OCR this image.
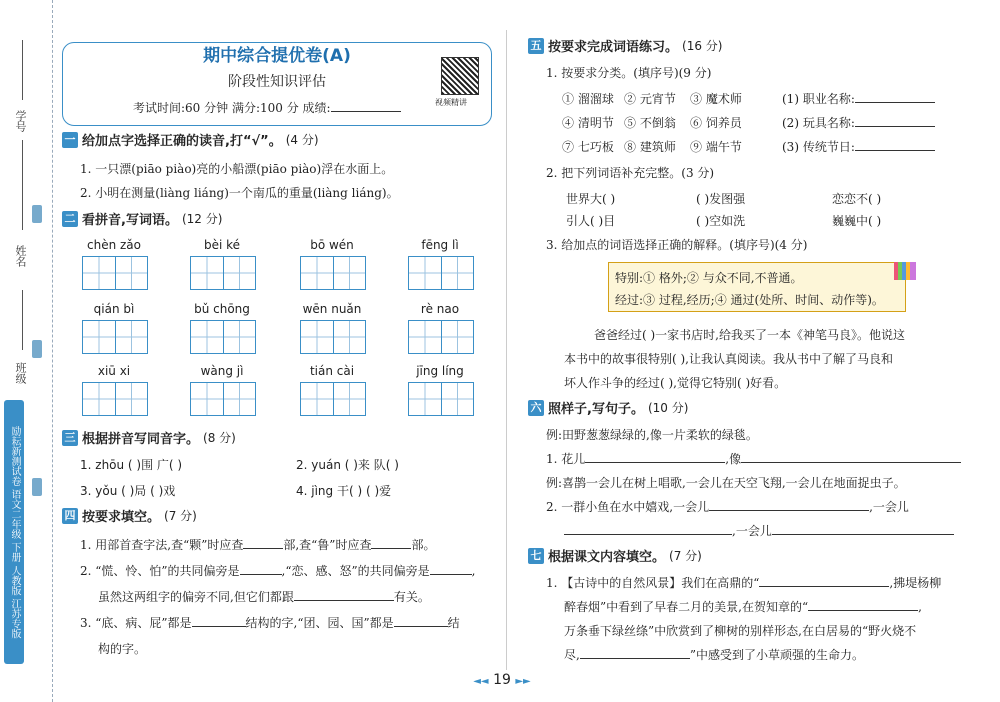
学号
姓名
班级
励耘新测试卷 语文二年级 下册 人教版 江苏专版
期中综合提优卷(A)
阶段性知识评估
考试时间:60 分钟 满分:100 分 成绩:	视频精讲
一 给加点字选择正确的读音,打“√”。 (4 分)
1. 一只漂(piāo piào)亮的小船漂(piāo piào)浮在水面上。
2. 小明在测量(liàng liáng)一个南瓜的重量(liàng liáng)。
二 看拼音,写词语。 (12 分)
chèn zǎo	bèi ké	bō wén	fēng lì
qián bì	bǔ chōng	wēn nuǎn	rè nao
xiū xi	wàng jì	tián cài	jīng líng
三 根据拼音写同音字。 (8 分)
1. zhōu ( )围 广( )	2. yuán ( )来 队( )
3. yǒu ( )局 ( )戏	4. jìng 干( ) ( )爱
四 按要求填空。 (7 分)
1. 用部首查字法,查“颗”时应查	部,查“鲁”时应查	部。
2. “慌、怜、怕”的共同偏旁是	,“恋、感、怒”的共同偏旁是	,
虽然这两组字的偏旁不同,但它们都跟	有关。
3. “底、病、屁”都是	结构的字,“团、园、国”都是	结
构的字。
五 按要求完成词语练习。 (16 分)
1. 按要求分类。(填序号)(9 分)
① 溜溜球 ② 元宵节 ③ 魔术师
④ 清明节 ⑤ 不倒翁 ⑥ 饲养员
⑦ 七巧板 ⑧ 建筑师 ⑨ 端午节
(1) 职业名称:
(2) 玩具名称:
(3) 传统节日:
2. 把下列词语补充完整。(3 分)
世界大( )	( )发图强	恋恋不( )
引人( )目	( )空如洗	巍巍中( )
3. 给加点的词语选择正确的解释。(填序号)(4 分)
特别:① 格外;② 与众不同,不普通。
经过:③ 过程,经历;④ 通过(处所、时间、动作等)。
爸爸经过( )一家书店时,给我买了一本《神笔马良》。他说这
本书中的故事很特别( ),让我认真阅读。我从书中了解了马良和
坏人作斗争的经过( ),觉得它特别( )好看。
六 照样子,写句子。 (10 分)
例:田野葱葱绿绿的,像一片柔软的绿毯。
1. 花儿	,像
例:喜鹊一会儿在树上唱歌,一会儿在天空飞翔,一会儿在地面捉虫子。
2. 一群小鱼在水中嬉戏,一会儿	,一会儿
,一会儿
七 根据课文内容填空。 (7 分)
1. 【古诗中的自然风景】我们在高鼎的“	,拂堤杨柳
醉春烟”中看到了早春二月的美景,在贺知章的“	,
万条垂下绿丝绦”中欣赏到了柳树的别样形态,在白居易的“野火烧不
尽,	”中感受到了小草顽强的生命力。
◄◄ 19 ►►
